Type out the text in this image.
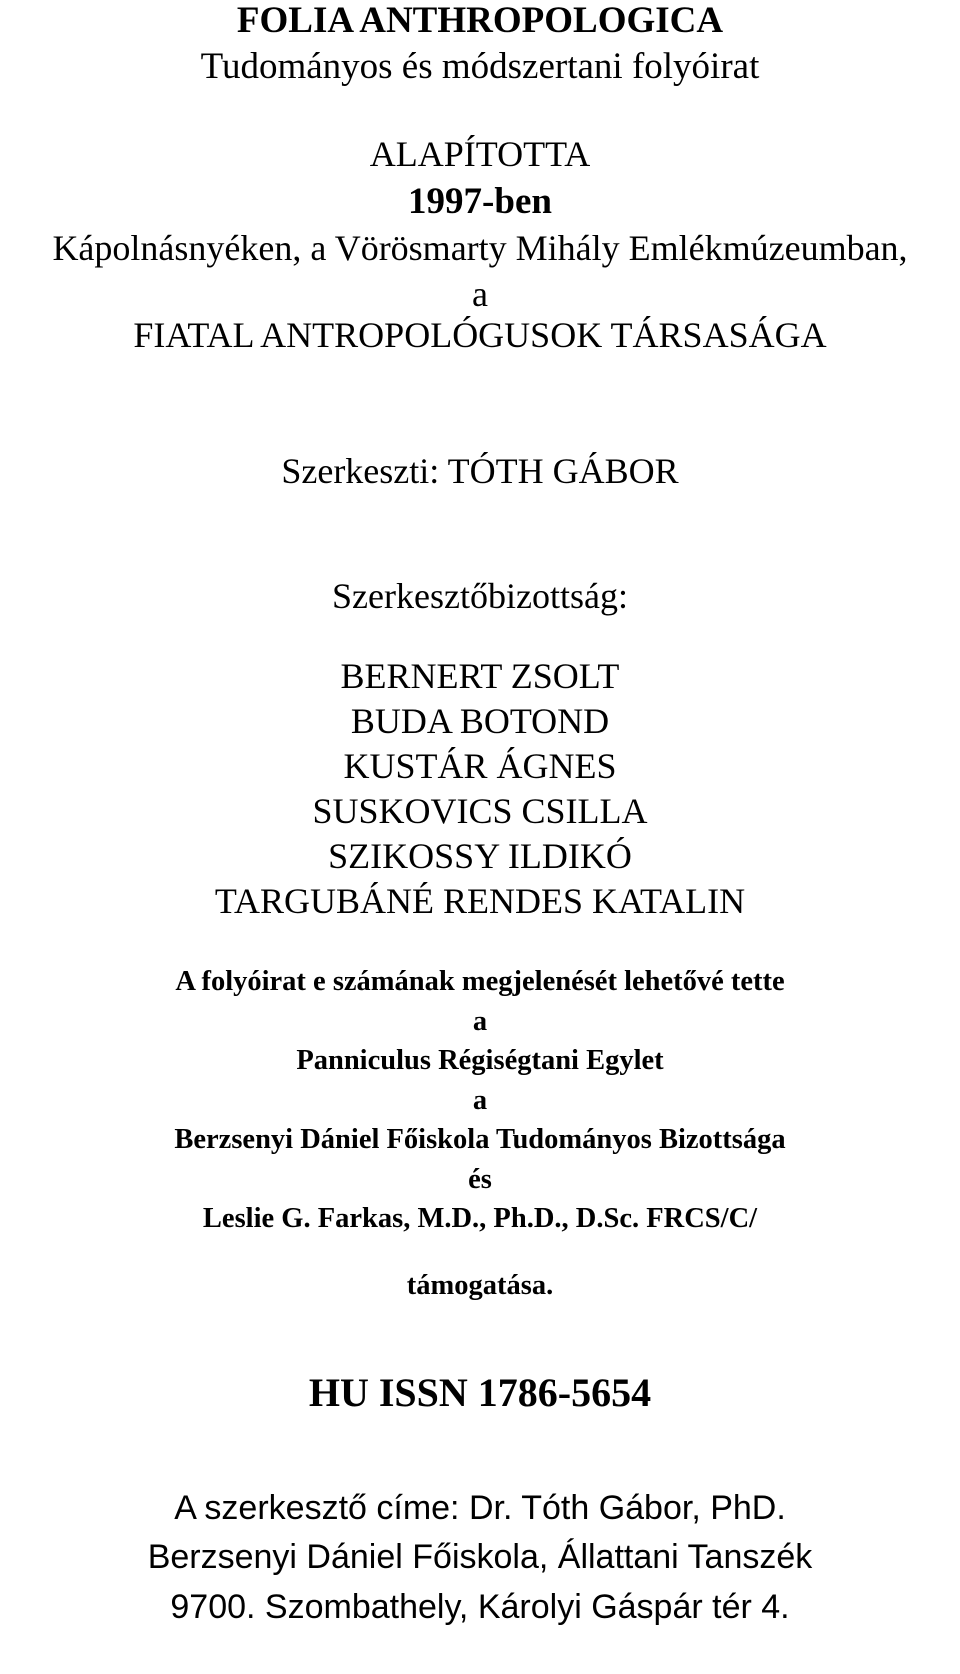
FOLIA ANTHROPOLOGICA
Tudományos és módszertani folyóirat
ALAPÍTOTTA
1997-ben
Kápolnásnyéken, a Vörösmarty Mihály Emlékmúzeumban,
a
FIATAL ANTROPOLÓGUSOK TÁRSASÁGA
Szerkeszti: TÓTH GÁBOR
Szerkesztőbizottság:
BERNERT ZSOLT
BUDA BOTOND
KUSTÁR ÁGNES
SUSKOVICS CSILLA
SZIKOSSY ILDIKÓ
TARGUBÁNÉ RENDES KATALIN
A folyóirat e számának megjelenését lehetővé tette
a
Panniculus Régiségtani Egylet
a
Berzsenyi Dániel Főiskola Tudományos Bizottsága
és
Leslie G. Farkas, M.D., Ph.D., D.Sc. FRCS/C/
támogatása.
HU ISSN 1786-5654
A szerkesztő címe: Dr. Tóth Gábor, PhD.
Berzsenyi Dániel Főiskola, Állattani Tanszék
9700. Szombathely, Károlyi Gáspár tér 4.
